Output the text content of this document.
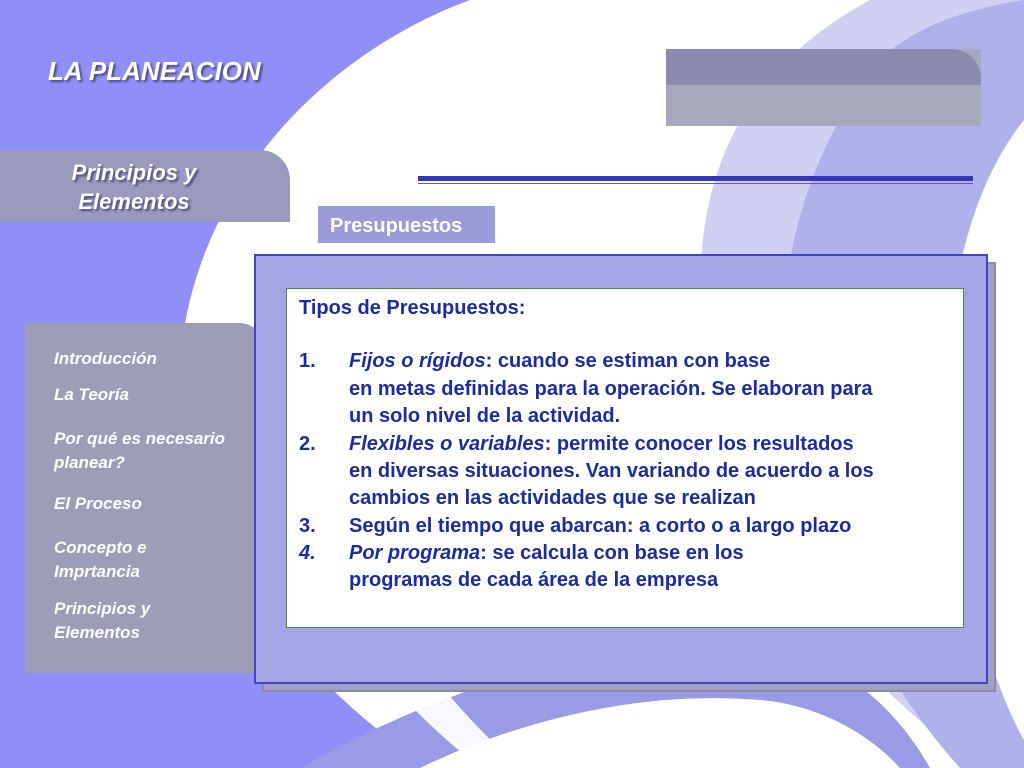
LA PLANEACION
Principios y
Elementos
Presupuestos
Introducción
La Teoría
Por qué es necesario
planear?
El Proceso
Concepto e
Imprtancia
Principios y
Elementos
Tipos de Presupuestos:
1. Fijos o rígidos: cuando se estiman con base
en metas definidas para la operación. Se elaboran para
un solo nivel de la actividad.
2. Flexibles o variables: permite conocer los resultados
en diversas situaciones. Van variando de acuerdo a los
cambios en las actividades que se realizan
3. Según el tiempo que abarcan: a corto o a largo plazo
4. Por programa: se calcula con base en los
programas de cada área de la empresa
